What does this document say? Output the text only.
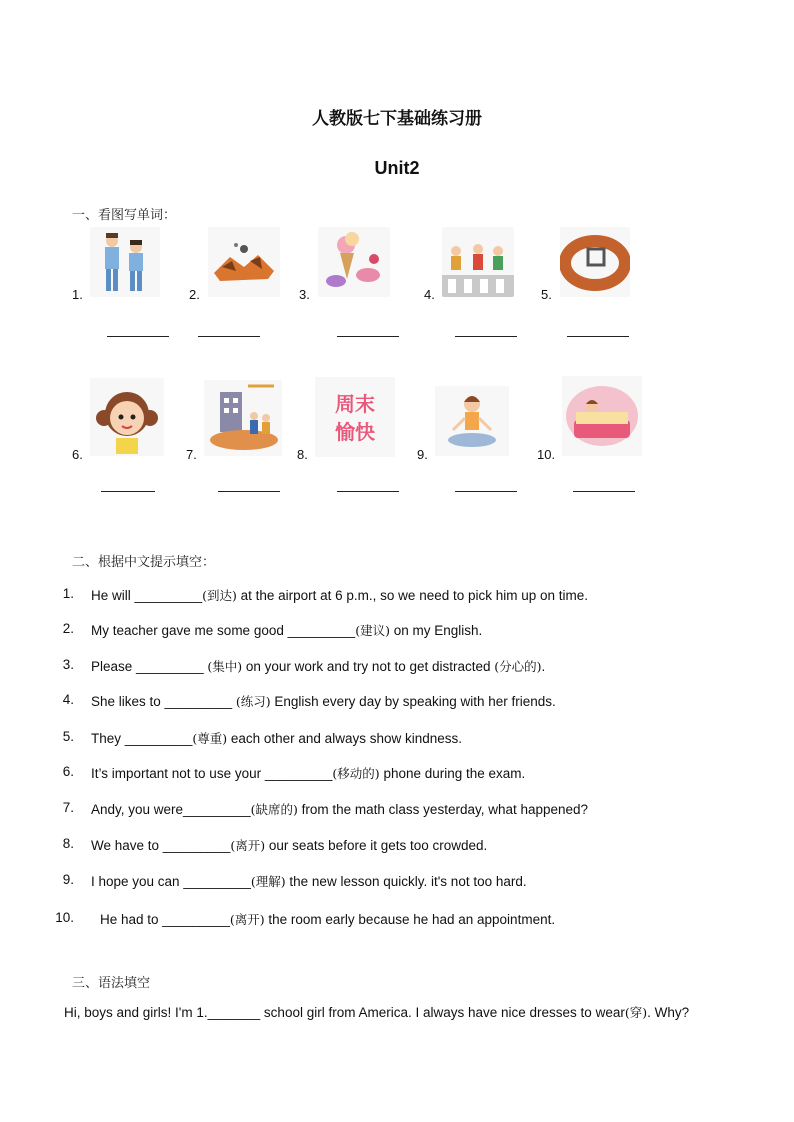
人教版七下基础练习册
Unit2
一、看图写单词：
1.	2.	3.	4.	5.
6.	7.	8.
周末
愉快
9.	10.
二、根据中文提示填空：
1. He will _________(到达) at the airport at 6 p.m., so we need to pick him up on time.
2. My teacher gave me some good _________(建议) on my English.
3. Please _________ (集中) on your work and try not to get distracted (分心的).
4. She likes to _________ (练习) English every day by speaking with her friends.
5. They _________(尊重) each other and always show kindness.
6. It’s important not to use your _________(移动的) phone during the exam.
7. Andy, you were_________(缺席的) from the math class yesterday, what happened?
8. We have to _________(离开) our seats before it gets too crowded.
9. I hope you can _________(理解) the new lesson quickly. it's not too hard.
10. He had to _________(离开) the room early because he had an appointment.
三、语法填空
Hi, boys and girls! I'm 1._______ school girl from America. I always have nice dresses to wear(穿). Why?
